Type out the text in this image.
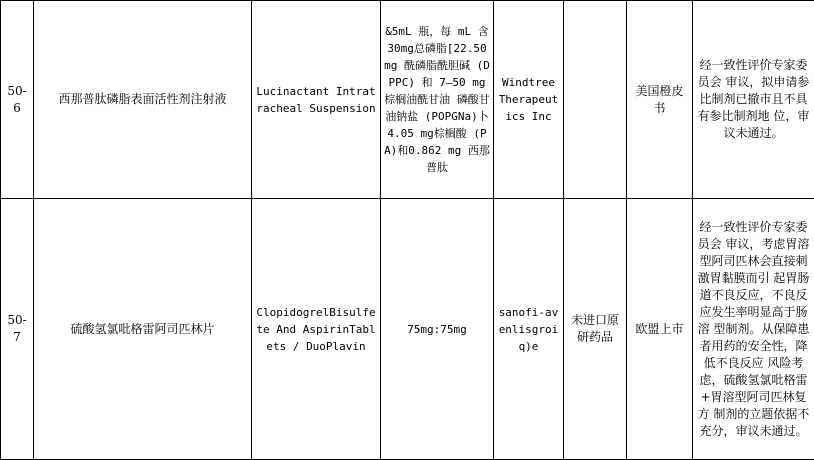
50-6	西那普肽磷脂表面活性剂注射液	Lucinactant Intratracheal Suspension	&5mL 瓶，每 mL 含30mg总磷脂[22.50 mg 酰磷脂酰胆碱 (DPPC) 和 7—50 mg棕榈油酰甘油 磷酸甘油钠盐 (POPGNa)卜 4.05 mg棕榈酸 (PA)和0.862 mg 西那普肽	Windtree Therapeutics Inc		美国橙皮书	经一致性评价专家委员会 审议，拟申请参比制剂已撤市且不具有参比制剂地 位，审议未通过。
50-7	硫酸氢氯吡格雷阿司匹林片	ClopidogrelBisulfete And AspirinTablets / DuoPlavin	75mg:75mg	sanofi-avenlisgroiq)e	未进口原研药品	欧盟上市	经一致性评价专家委员会 审议，考虑胃溶型阿司匹林会直接刺激胃黏膜而引 起胃肠道不良反应，不良反应发生率明显高于肠溶 型制剂。从保障患者用药的安全性，降低不良反应 风险考虑，硫酸氢氯吡格雷+胃溶型阿司匹林复方 制剂的立题依据不充分，审议未通过。
